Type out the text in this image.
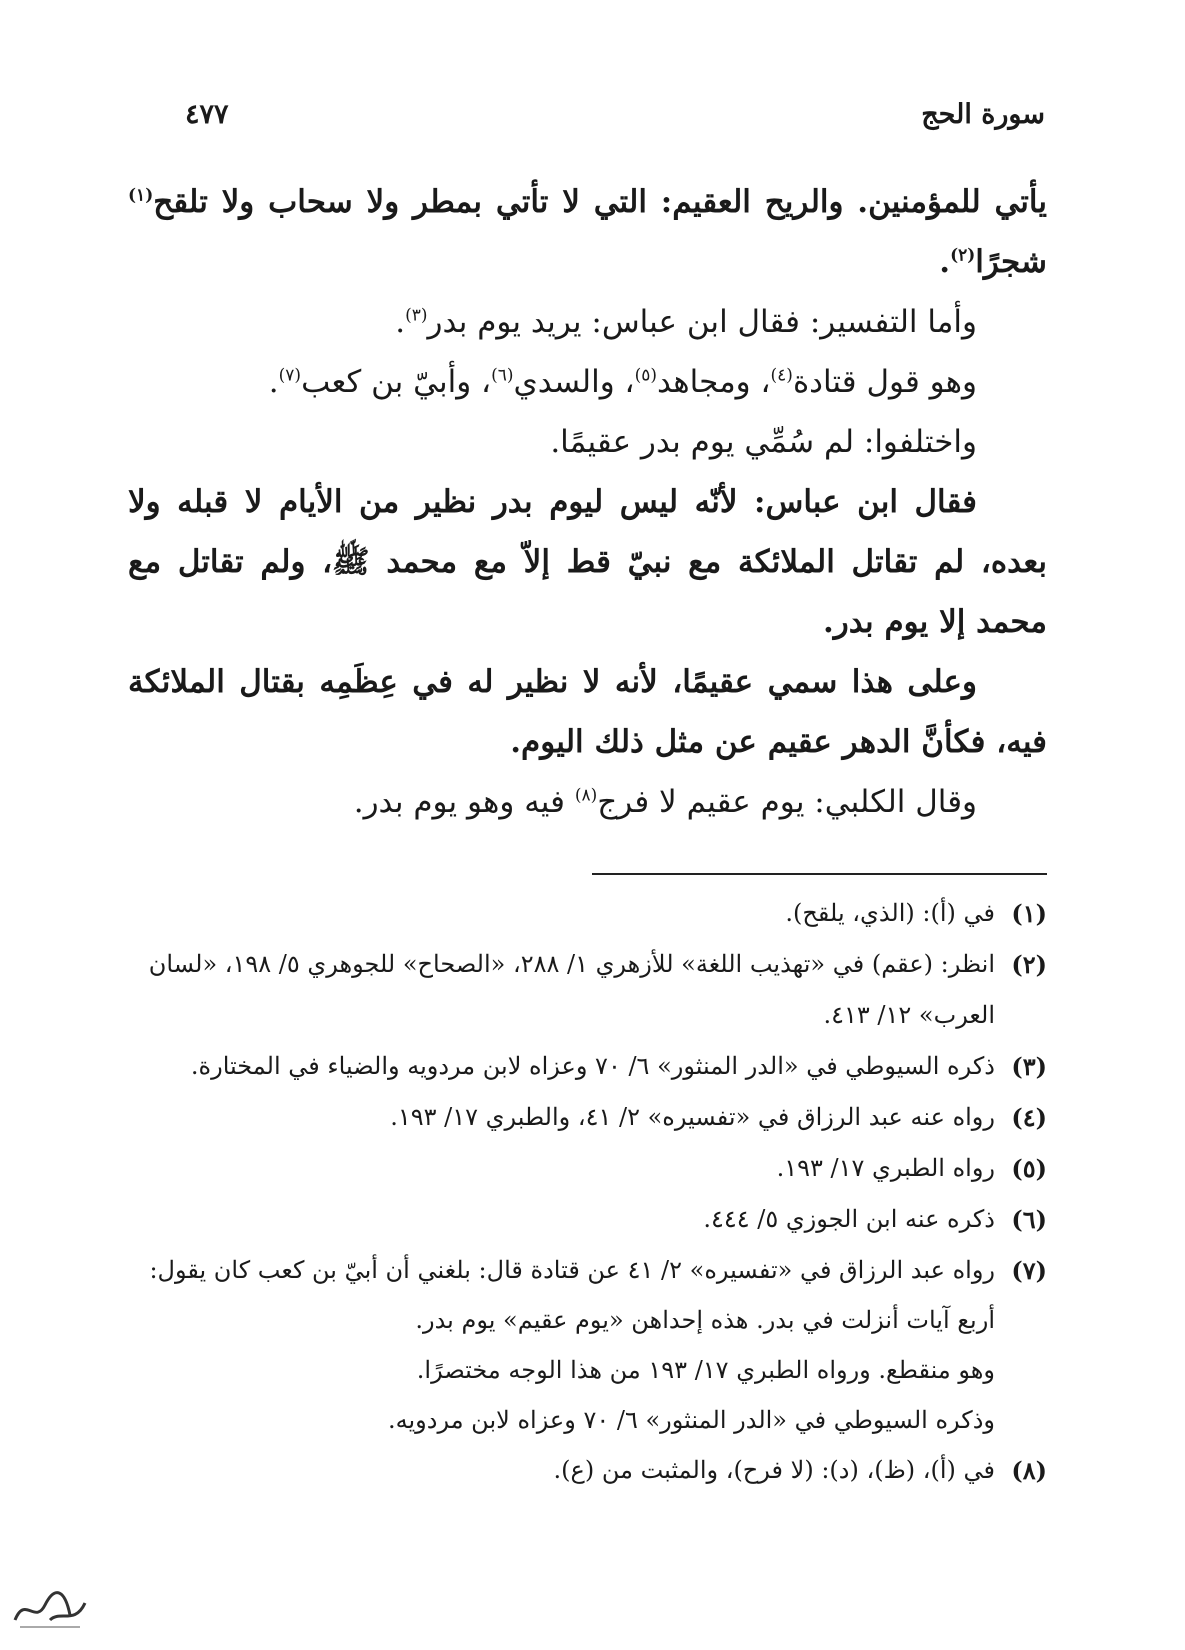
سورة الحج
٤٧٧

يأتي للمؤمنين. والريح العقيم: التي لا تأتي بمطر ولا سحاب ولا تلقح$^{(١)}$ شجرًا$^{(٢)}$.

وأما التفسير: فقال ابن عباس: يريد يوم بدر$^{(٣)}$.

وهو قول قتادة$^{(٤)}$، ومجاهد$^{(٥)}$، والسدي$^{(٦)}$، وأبيّ بن كعب$^{(٧)}$.

واختلفوا: لم سُمِّي يوم بدر عقيمًا.

فقال ابن عباس: لأنّه ليس ليوم بدر نظير من الأيام لا قبله ولا بعده، لم تقاتل الملائكة مع نبيّ قط إلاّ مع محمد ﷺ، ولم تقاتل مع محمد إلا يوم بدر.

وعلى هذا سمي عقيمًا، لأنه لا نظير له في عِظَمِه بقتال الملائكة فيه، فكأنَّ الدهر عقيم عن مثل ذلك اليوم.

وقال الكلبي: يوم عقيم لا فرج$^{(٨)}$ فيه وهو يوم بدر.

(١)
في (أ): (الذي، يلقح).
(٢)
انظر: (عقم) في «تهذيب اللغة» للأزهري ١/ ٢٨٨، «الصحاح» للجوهري ٥/ ١٩٨، «لسان العرب» ١٢/ ٤١٣.
(٣)
ذكره السيوطي في «الدر المنثور» ٦/ ٧٠ وعزاه لابن مردويه والضياء في المختارة.
(٤)
رواه عنه عبد الرزاق في «تفسيره» ٢/ ٤١، والطبري ١٧/ ١٩٣.
(٥)
رواه الطبري ١٧/ ١٩٣.
(٦)
ذكره عنه ابن الجوزي ٥/ ٤٤٤.
(٧)
رواه عبد الرزاق في «تفسيره» ٢/ ٤١ عن قتادة قال: بلغني أن أبيّ بن كعب كان يقول: أربع آيات أنزلت في بدر. هذه إحداهن «يوم عقيم» يوم بدر.
وهو منقطع. ورواه الطبري ١٧/ ١٩٣ من هذا الوجه مختصرًا.
وذكره السيوطي في «الدر المنثور» ٦/ ٧٠ وعزاه لابن مردويه.
(٨)
في (أ)، (ظ)، (د): (لا فرح)، والمثبت من (ع).
